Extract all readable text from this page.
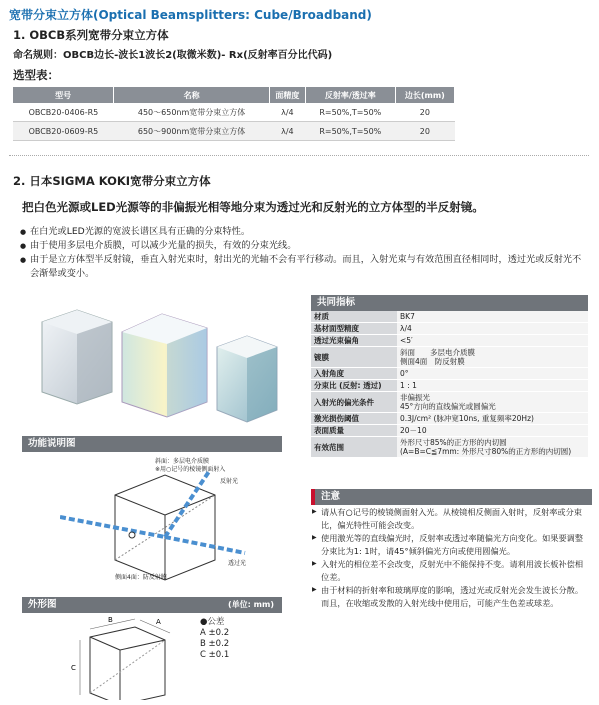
宽带分束立方体(Optical Beamsplitters: Cube/Broadband)
1. OBCB系列宽带分束立方体
命名规则：OBCB边长-波长1波长2(取微米数)- Rx(反射率百分比代码)
选型表：
型号	名称	面精度	反射率/透过率	边长(mm)
OBCB20-0406-R5	450～650nm宽带分束立方体	λ/4	R=50%,T=50%	20
OBCB20-0609-R5	650～900nm宽带分束立方体	λ/4	R=50%,T=50%	20
2. 日本SIGMA KOKI宽带分束立方体
把白色光源或LED光源等的非偏振光相等地分束为透过光和反射光的立方体型的半反射镜。
● 在白光或LED光源的宽波长谱区具有正确的分束特性。
● 由于使用多层电介质膜，可以减少光量的损失，有效的分束光线。
● 由于是立方体型半反射镜，垂直入射光束时，射出光的光轴不会有平行移动。而且，入射光束与有效范围直径相同时，透过光或反射光不会渐晕或变小。
功能说明图
斜面：多层电介质膜
※用○记号的棱镜侧面射入
反射光
透过光
侧面4面：防反射膜
外形图	(单位: mm)
B	A
C
●公差
A ±0.2
B ±0.2
C ±0.1
共同指标
材质	BK7
基材面型精度	λ/4
透过光束偏角	<5′
镀膜	斜面　　多层电介质膜
侧面4面　防反射膜
入射角度	0°
分束比 (反射: 透过)	1 : 1
入射光的偏光条件	非偏振光
45°方向的直线偏光或圆偏光
激光损伤阈值	0.3J/cm² (脉冲宽10ns, 重复频率20Hz)
表面质量	20－10
有效范围	外形尺寸85%的正方形的内切圆
(A=B=C≦7mm: 外形尺寸80%的正方形的内切圆)
注意
▶ 请从有○记号的棱镜侧面射入光。从棱镜相反侧面入射时，反射率或分束比，偏光特性可能会改变。
▶ 使用激光等的直线偏光时，反射率或透过率随偏光方向变化。如果要调整分束比为1: 1时，请45°倾斜偏光方向或使用圆偏光。
▶ 入射光的相位差不会改变，反射光中不能保持不变。请利用波长板补偿相位差。
▶ 由于材料的折射率和玻璃厚度的影响，透过光或反射光会发生波长分散。而且，在收缩或发散的入射光线中使用后，可能产生色差或球差。
